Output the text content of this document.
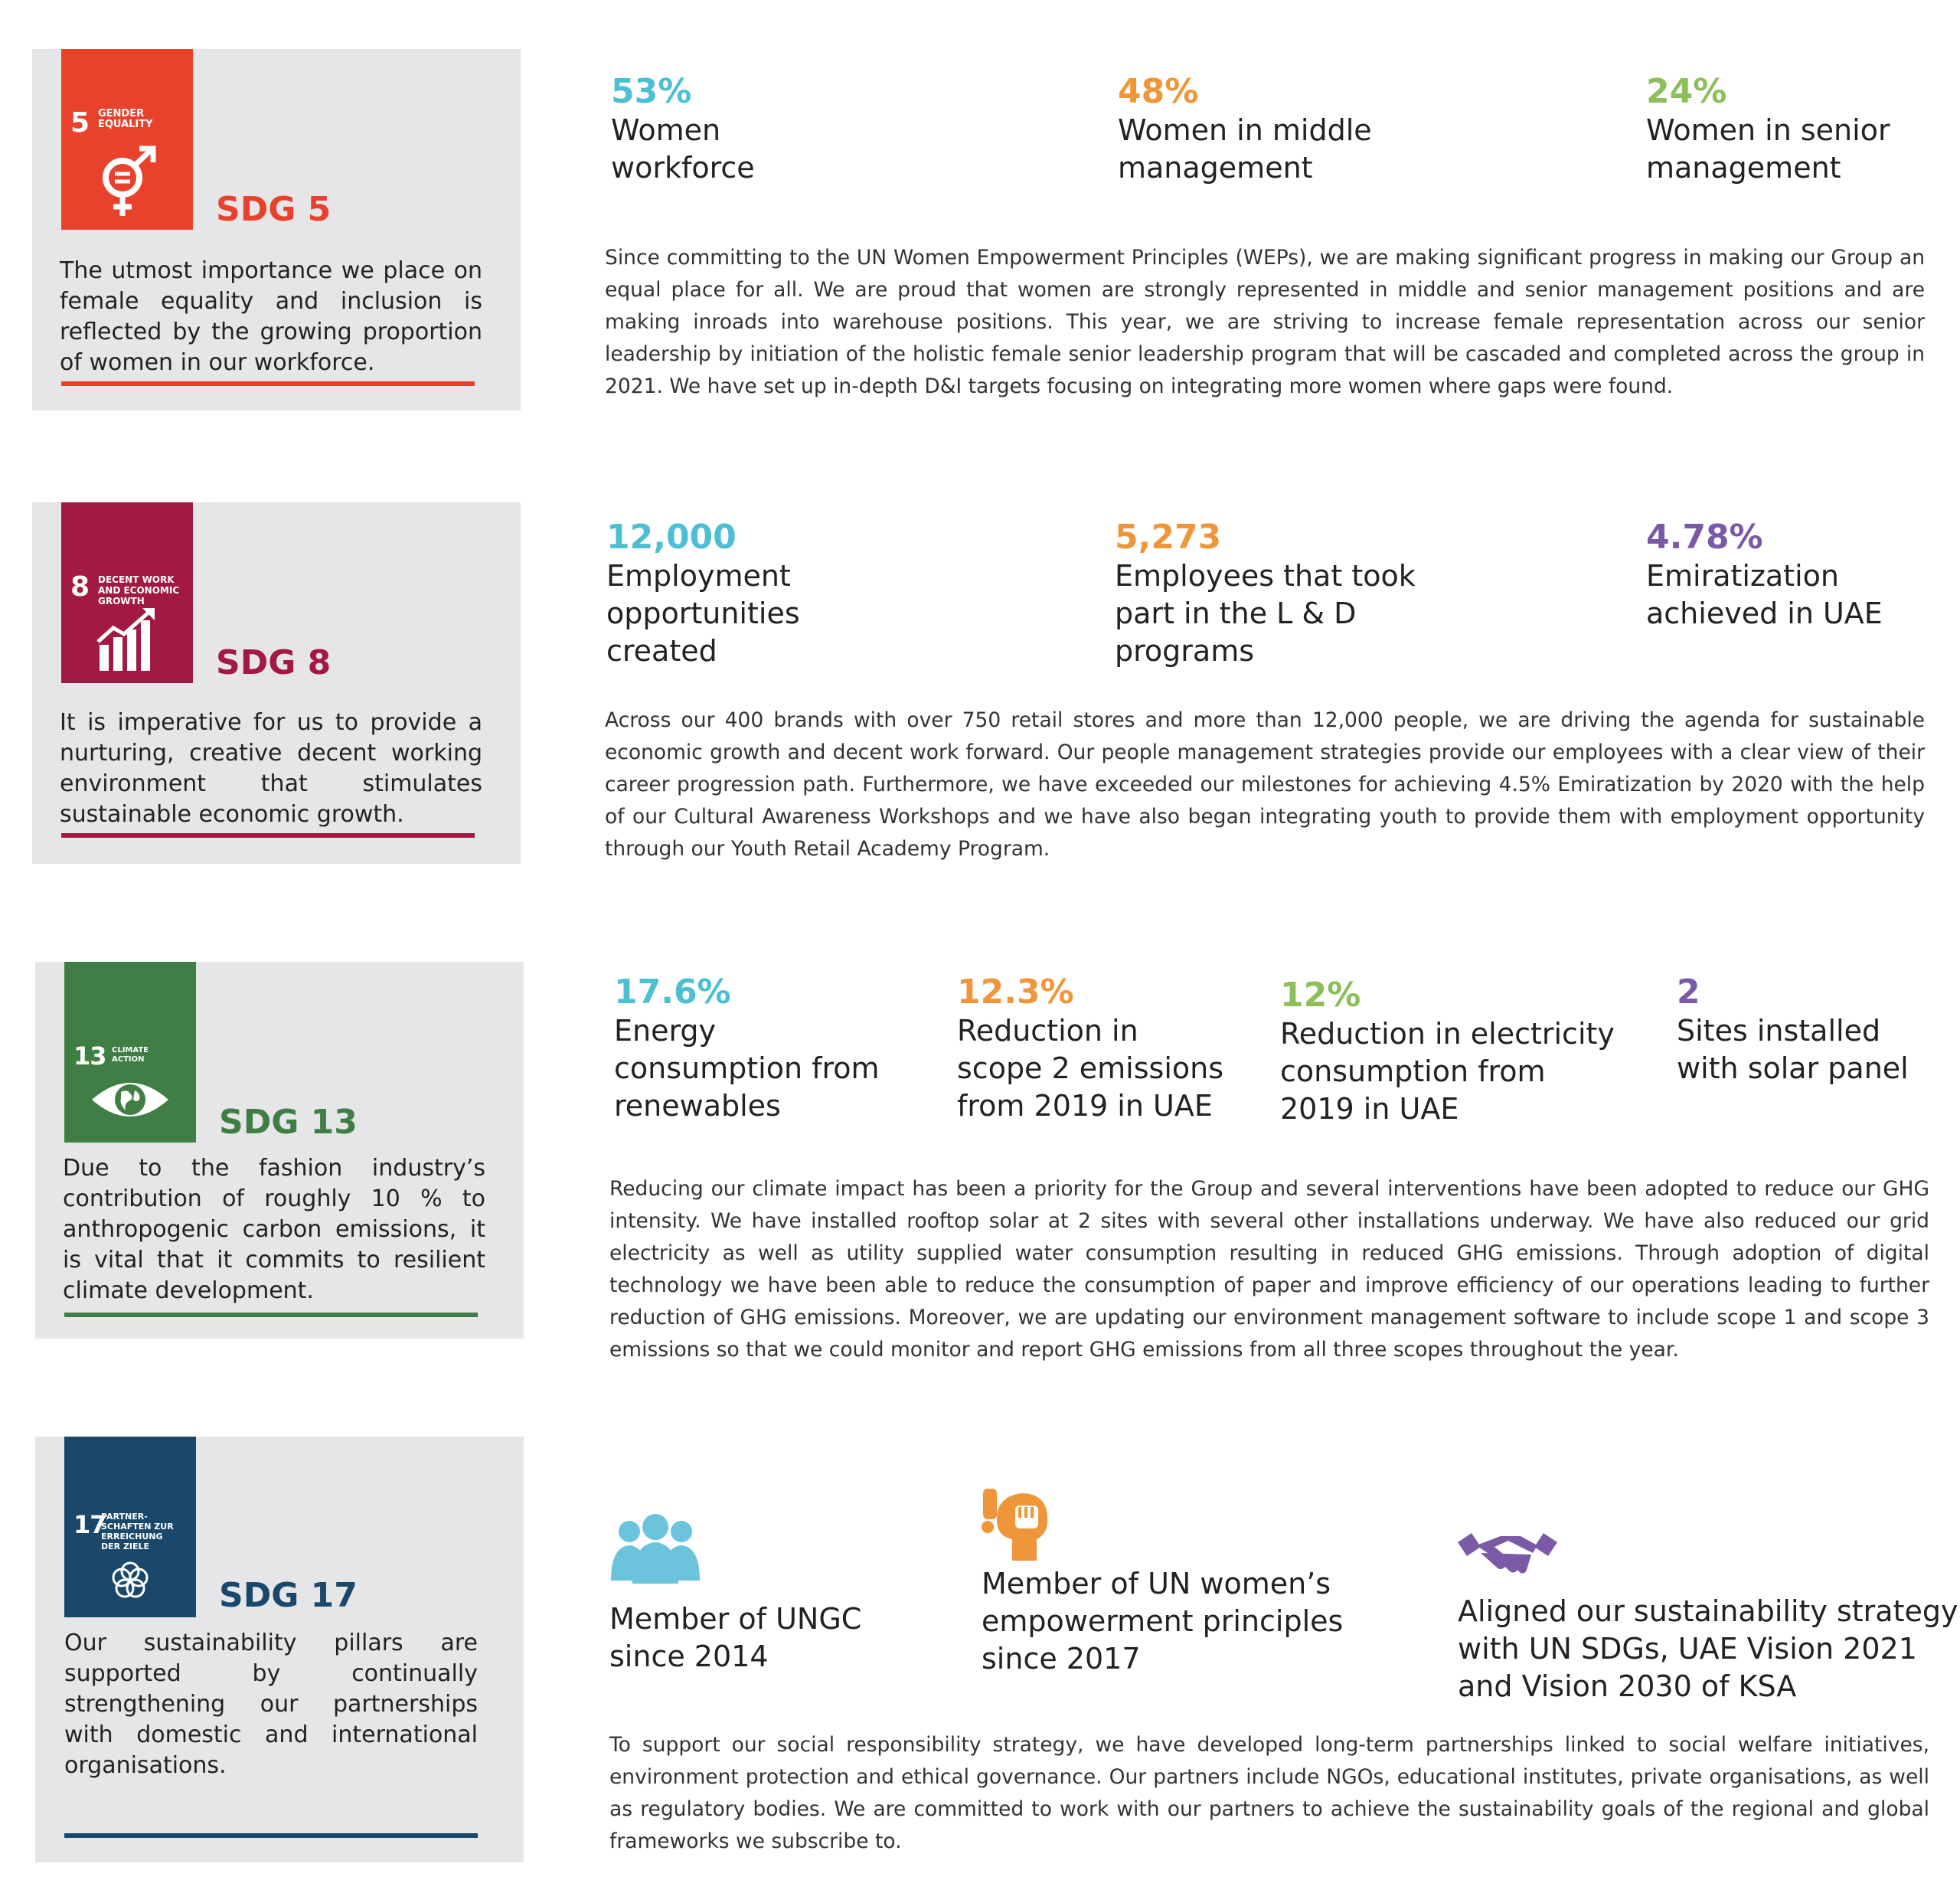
5 GENDER EQUALITY
SDG 5
The utmost importance we place on female equality and inclusion is reflected by the growing proportion of women in our workforce.
53%
Women
workforce
48%
Women in middle
management
24%
Women in senior
management
Since committing to the UN Women Empowerment Principles (WEPs), we are making significant progress in making our Group an equal place for all. We are proud that women are strongly represented in middle and senior management positions and are making inroads into warehouse positions. This year, we are striving to increase female representation across our senior leadership by initiation of the holistic female senior leadership program that will be cascaded and completed across the group in 2021. We have set up in-depth D&I targets focusing on integrating more women where gaps were found.
8 DECENT WORK AND ECONOMIC GROWTH
SDG 8
It is imperative for us to provide a nurturing, creative decent working environment that stimulates sustainable economic growth.
12,000
Employment
opportunities
created
5,273
Employees that took
part in the L & D
programs
4.78%
Emiratization
achieved in UAE
Across our 400 brands with over 750 retail stores and more than 12,000 people, we are driving the agenda for sustainable economic growth and decent work forward. Our people management strategies provide our employees with a clear view of their career progression path. Furthermore, we have exceeded our milestones for achieving 4.5% Emiratization by 2020 with the help of our Cultural Awareness Workshops and we have also began integrating youth to provide them with employment opportunity through our Youth Retail Academy Program.
13 CLIMATE ACTION
SDG 13
Due to the fashion industry’s contribution of roughly 10 % to anthropogenic carbon emissions, it is vital that it commits to resilient climate development.
17.6%
Energy
consumption from
renewables
12.3%
Reduction in
scope 2 emissions
from 2019 in UAE
12%
Reduction in electricity
consumption from
2019 in UAE
2
Sites installed
with solar panel
Reducing our climate impact has been a priority for the Group and several interventions have been adopted to reduce our GHG intensity. We have installed rooftop solar at 2 sites with several other installations underway. We have also reduced our grid electricity as well as utility supplied water consumption resulting in reduced GHG emissions. Through adoption of digital technology we have been able to reduce the consumption of paper and improve efficiency of our operations leading to further reduction of GHG emissions. Moreover, we are updating our environment management software to include scope 1 and scope 3 emissions so that we could monitor and report GHG emissions from all three scopes throughout the year.
17
PARTNER-SCHAFTEN ZUR ERREICHUNG DER ZIELE
SDG 17
Our sustainability pillars are supported by continually strengthening our partnerships with domestic and international organisations.
Member of UNGC
since 2014
Member of UN women’s
empowerment principles
since 2017
Aligned our sustainability strategy
with UN SDGs, UAE Vision 2021
and Vision 2030 of KSA
To support our social responsibility strategy, we have developed long-term partnerships linked to social welfare initiatives, environment protection and ethical governance. Our partners include NGOs, educational institutes, private organisations, as well as regulatory bodies. We are committed to work with our partners to achieve the sustainability goals of the regional and global frameworks we subscribe to.
